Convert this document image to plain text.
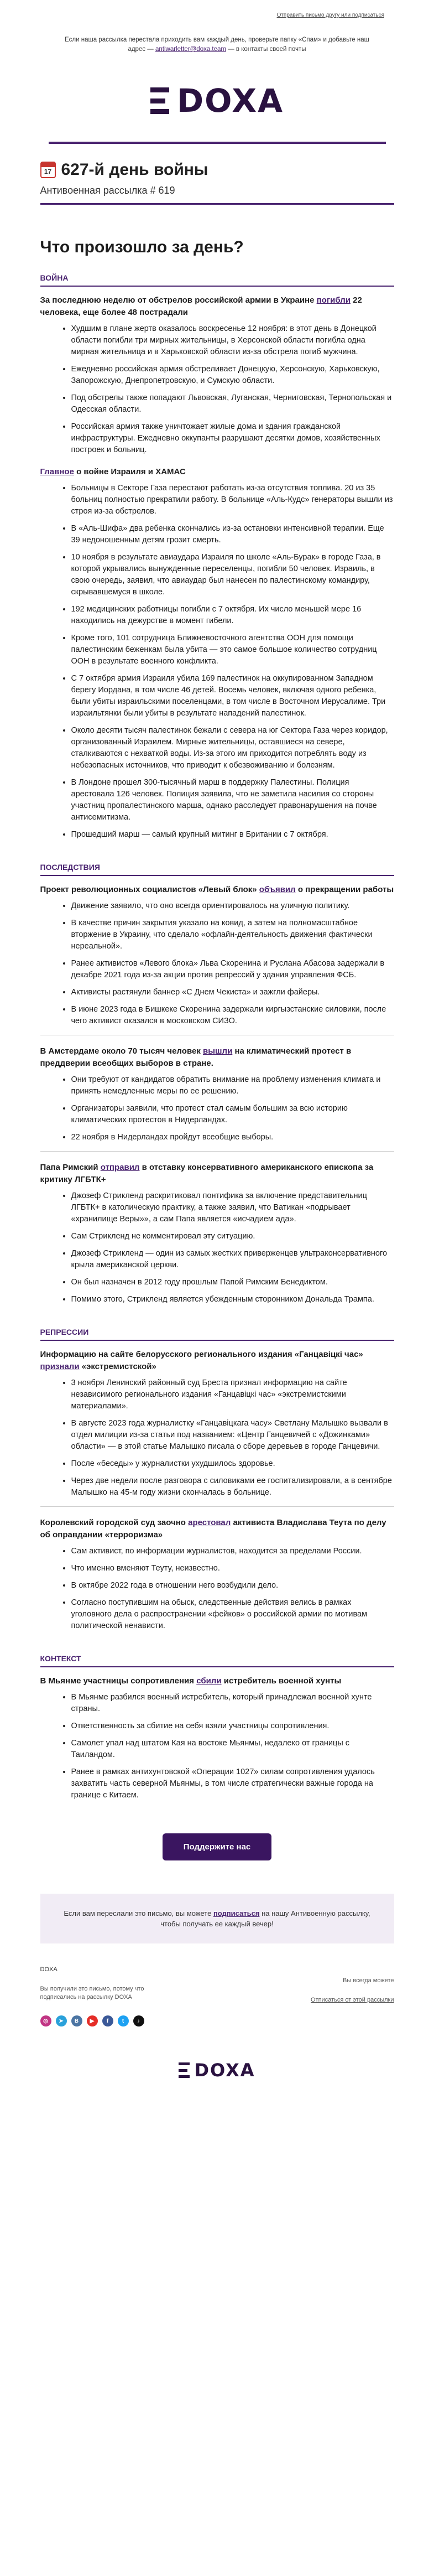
Отправить письмо другу или подписаться
Если наша рассылка перестала приходить вам каждый день, проверьте папку «Спам» и добавьте наш адрес — antiwarletter@doxa.team — в контакты своей почты
DOXA
17 627-й день войны
Антивоенная рассылка # 619
Что произошло за день?
ВОЙНА
За последнюю неделю от обстрелов российской армии в Украине погибли 22 человека, еще более 48 пострадали
• Худшим в плане жертв оказалось воскресенье 12 ноября: в этот день в Донецкой области погибли три мирных жительницы, в Херсонской области погибла одна мирная жительница и в Харьковской области из-за обстрела погиб мужчина.
• Ежедневно российская армия обстреливает Донецкую, Херсонскую, Харьковскую, Запорожскую, Днепропетровскую, и Сумскую области.
• Под обстрелы также попадают Львовская, Луганская, Черниговская, Тернопольская и Одесская области.
• Российская армия также уничтожает жилые дома и здания гражданской инфраструктуры. Ежедневно оккупанты разрушают десятки домов, хозяйственных построек и больниц.
Главное о войне Израиля и ХАМАС
• Больницы в Секторе Газа перестают работать из-за отсутствия топлива. 20 из 35 больниц полностью прекратили работу. В больнице «Аль-Кудс» генераторы вышли из строя из-за обстрелов.
• В «Аль-Шифа» два ребенка скончались из-за остановки интенсивной терапии. Еще 39 недоношенным детям грозит смерть.
• 10 ноября в результате авиаудара Израиля по школе «Аль-Бурак» в городе Газа, в которой укрывались вынужденные переселенцы, погибли 50 человек. Израиль, в свою очередь, заявил, что авиаудар был нанесен по палестинскому командиру, скрывавшемуся в школе.
• 192 медицинских работницы погибли с 7 октября. Их число меньшей мере 16 находились на дежурстве в момент гибели.
• Кроме того, 101 сотрудница Ближневосточного агентства ООН для помощи палестинским беженкам была убита — это самое большое количество сотрудниц ООН в результате военного конфликта.
• С 7 октября армия Израиля убила 169 палестинок на оккупированном Западном берегу Иордана, в том числе 46 детей. Восемь человек, включая одного ребенка, были убиты израильскими поселенцами, в том числе в Восточном Иерусалиме. Три израильтянки были убиты в результате нападений палестинок.
• Около десяти тысяч палестинок бежали с севера на юг Сектора Газа через коридор, организованный Израилем. Мирные жительницы, оставшиеся на севере, сталкиваются с нехваткой воды. Из-за этого им приходится потреблять воду из небезопасных источников, что приводит к обезвоживанию и болезням.
• В Лондоне прошел 300-тысячный марш в поддержку Палестины. Полиция арестовала 126 человек. Полиция заявила, что не заметила насилия со стороны участниц пропалестинского марша, однако расследует правонарушения на почве антисемитизма.
• Прошедший марш — самый крупный митинг в Британии с 7 октября.
ПОСЛЕДСТВИЯ
Проект революционных социалистов «Левый блок» объявил о прекращении работы
• Движение заявило, что оно всегда ориентировалось на уличную политику.
• В качестве причин закрытия указало на ковид, а затем на полномасштабное вторжение в Украину, что сделало «офлайн-деятельность движения фактически нереальной».
• Ранее активистов «Левого блока» Льва Скоренина и Руслана Абасова задержали в декабре 2021 года из-за акции против репрессий у здания управления ФСБ.
• Активисты растянули баннер «С Днем Чекиста» и зажгли файеры.
• В июне 2023 года в Бишкеке Скоренина задержали киргызстанские силовики, после чего активист оказался в московском СИЗО.
В Амстердаме около 70 тысяч человек вышли на климатический протест в преддверии всеобщих выборов в стране.
• Они требуют от кандидатов обратить внимание на проблему изменения климата и принять немедленные меры по ее решению.
• Организаторы заявили, что протест стал самым большим за всю историю климатических протестов в Нидерландах.
• 22 ноября в Нидерландах пройдут всеобщие выборы.
Папа Римский отправил в отставку консервативного американского епископа за критику ЛГБТК+
• Джозеф Стрикленд раскритиковал понтифика за включение представительниц ЛГБТК+ в католическую практику, а также заявил, что Ватикан «подрывает «хранилище Веры»», а сам Папа является «исчадием ада».
• Сам Стрикленд не комментировал эту ситуацию.
• Джозеф Стрикленд — один из самых жестких приверженцев ультраконсервативного крыла американской церкви.
• Он был назначен в 2012 году прошлым Папой Римским Бенедиктом.
• Помимо этого, Стрикленд является убежденным сторонником Дональда Трампа.
РЕПРЕССИИ
Информацию на сайте белорусского регионального издания «Ганцавіцкі час» признали «экстремистской»
• 3 ноября Ленинский районный суд Бреста признал информацию на сайте независимого регионального издания «Ганцавіцкі час» «экстремистскими материалами».
• В августе 2023 года журналистку «Ганцавіцкага часу» Светлану Малышко вызвали в отдел милиции из-за статьи под названием: «Центр Ганцевичей с «Дожинками» области» — в этой статье Малышко писала о сборе деревьев в городе Ганцевичи.
• После «беседы» у журналистки ухудшилось здоровье.
• Через две недели после разговора с силовиками ее госпитализировали, а в сентябре Малышко на 45-м году жизни скончалась в больнице.
Королевский городской суд заочно арестовал активиста Владислава Теута по делу об оправдании «терроризма»
• Сам активист, по информации журналистов, находится за пределами России.
• Что именно вменяют Теуту, неизвестно.
• В октябре 2022 года в отношении него возбудили дело.
• Согласно поступившим на обыск, следственные действия велись в рамках уголовного дела о распространении «фейков» о российской армии по мотивам политической ненависти.
КОНТЕКСТ
В Мьянме участницы сопротивления сбили истребитель военной хунты
• В Мьянме разбился военный истребитель, который принадлежал военной хунте страны.
• Ответственность за сбитие на себя взяли участницы сопротивления.
• Самолет упал над штатом Кая на востоке Мьянмы, недалеко от границы с Таиландом.
• Ранее в рамках антихунтовской «Операции 1027» силам сопротивления удалось захватить часть северной Мьянмы, в том числе стратегически важные города на границе с Китаем.
Поддержите нас
Если вам переслали это письмо, вы можете подписаться на нашу Антивоенную рассылку, чтобы получать ее каждый вечер!
DOXA
Вы получили это письмо, потому что
подписались на рассылку DOXA
Вы всегда можете
Отписаться от этой рассылки
◎	➤	B	▶	f	t	♪
DOXA
